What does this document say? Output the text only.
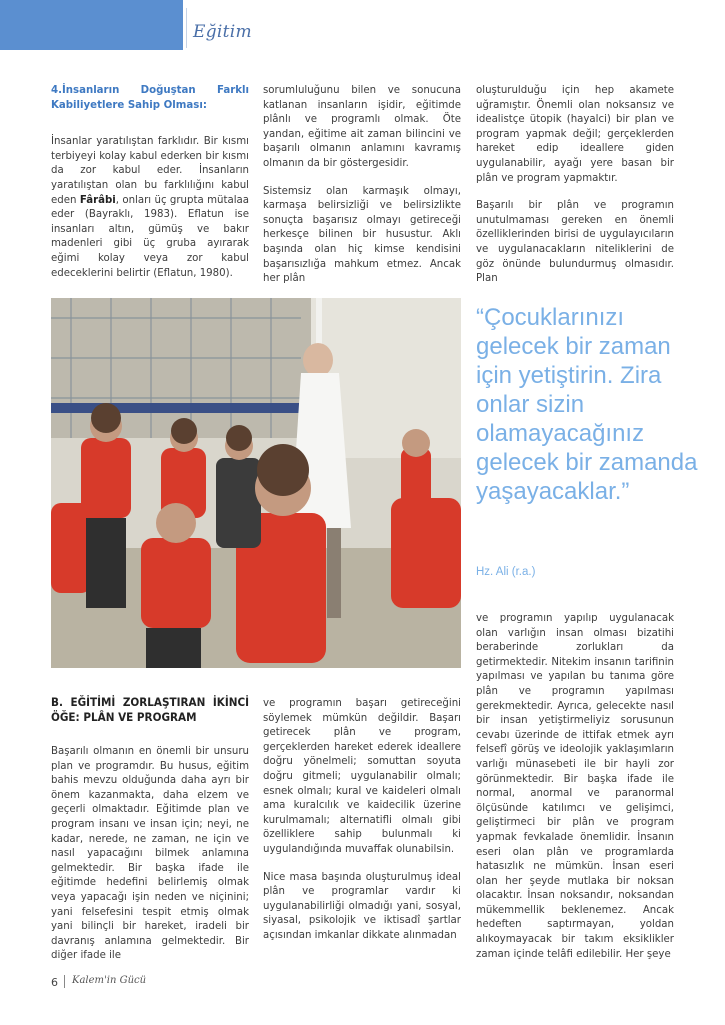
Eğitim
4.İnsanların Doğuştan Farklı Kabiliyetlere Sahip Olması:

İnsanlar yaratılıştan farklıdır. Bir kısmı terbiyeyi kolay kabul ederken bir kısmı da zor kabul eder. İnsanların yaratılıştan olan bu farklılığını kabul eden Fârâbi, onları üç grupta mütalaa eder (Bayraklı, 1983). Eflatun ise insanları altın, gümüş ve bakır madenleri gibi üç gruba ayırarak eğimi kolay veya zor kabul edeceklerini belirtir (Eflatun, 1980).

sorumluluğunu bilen ve sonucuna katlanan insanların işidir, eğitimde plânlı ve programlı olmak. Öte yandan, eğitime ait zaman bilincini ve başarılı olmanın anlamını kavramış olmanın da bir göstergesidir.

Sistemsiz olan karmaşık olmayı, karmaşa belirsizliği ve belirsizlikte sonuçta başarısız olmayı getireceği herkesçe bilinen bir husustur. Aklı başında olan hiç kimse kendisini başarısızlığa mahkum etmez. Ancak her plân

oluşturulduğu için hep akamete uğramıştır. Önemli olan noksansız ve idealistçe ütopik (hayalci) bir plan ve program yapmak değil; gerçeklerden hareket edip ideallere giden uygulanabilir, ayağı yere basan bir plân ve program yapmaktır.

Başarılı bir plân ve programın unutulmaması gereken en önemli özelliklerinden birisi de uygulayıcıların ve uygulanacakların niteliklerini de göz önünde bulundurmuş olmasıdır. Plan

“Çocuklarınızı gelecek bir zaman için yetiştirin. Zira onlar sizin olamayacağınız gelecek bir zamanda yaşayacaklar.”
Hz. Ali (r.a.)

ve programın yapılıp uygulanacak olan varlığın insan olması bizatihi beraberinde zorlukları da getirmektedir. Nitekim insanın tarifinin yapılması ve yapılan bu tanıma göre plân ve programın yapılması gerekmektedir. Ayrıca, gelecekte nasıl bir insan yetiştirmeliyiz sorusunun cevabı üzerinde de ittifak etmek ayrı felsefî görüş ve ideolojik yaklaşımların varlığı münasebeti ile bir hayli zor görünmektedir. Bir başka ifade ile normal, anormal ve paranormal ölçüsünde katılımcı ve gelişimci, geliştirmeci bir plân ve program yapmak fevkalade önemlidir. İnsanın eseri olan plân ve programlarda hatasızlık ne mümkün. İnsan eseri olan her şeyde mutlaka bir noksan olacaktır. İnsan noksandır, noksandan mükemmellik beklenemez. Ancak hedeften saptırmayan, yoldan alıkoymayacak bir takım eksiklikler zaman içinde telâfi edilebilir. Her şeye

B. EĞİTİMİ ZORLAŞTIRAN İKİNCİ ÖĞE: PLÂN VE PROGRAM

Başarılı olmanın en önemli bir unsuru plan ve programdır. Bu husus, eğitim bahis mevzu olduğunda daha ayrı bir önem kazanmakta, daha elzem ve geçerli olmaktadır. Eğitimde plan ve program insanı ve insan için; neyi, ne kadar, nerede, ne zaman, ne için ve nasıl yapacağını bilmek anlamına gelmektedir. Bir başka ifade ile eğitimde hedefini belirlemiş olmak veya yapacağı işin neden ve niçinini; yani felsefesini tespit etmiş olmak yani bilinçli bir hareket, iradeli bir davranış anlamına gelmektedir. Bir diğer ifade ile

ve programın başarı getireceğini söylemek mümkün değildir. Başarı getirecek plân ve program, gerçeklerden hareket ederek ideallere doğru yönelmeli; somuttan soyuta doğru gitmeli; uygulanabilir olmalı; esnek olmalı; kural ve kaideleri olmalı ama kuralcılık ve kaidecilik üzerine kurulmamalı; alternatifli olmalı gibi özelliklere sahip bulunmalı ki uygulandığında muvaffak olunabilsin.

Nice masa başında oluşturulmuş ideal plân ve programlar vardır ki uygulanabilirliği olmadığı yani, sosyal, siyasal, psikolojik ve iktisadî şartlar açısından imkanlar dikkate alınmadan

6 Kalem'in Gücü
